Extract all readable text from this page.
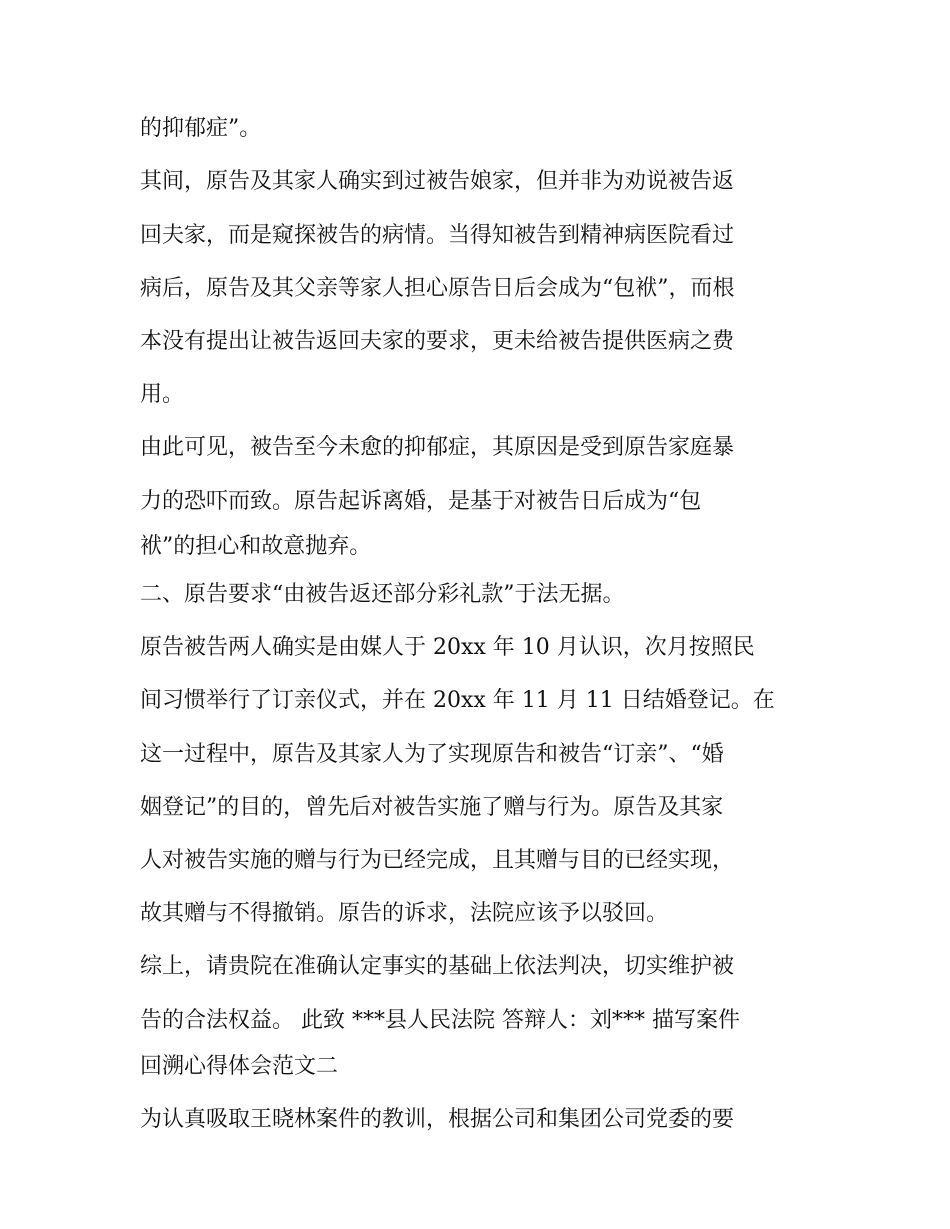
的抑郁症”。
其间，原告及其家人确实到过被告娘家，但并非为劝说被告返
回夫家，而是窥探被告的病情。当得知被告到精神病医院看过
病后，原告及其父亲等家人担心原告日后会成为“包袱”，而根
本没有提出让被告返回夫家的要求，更未给被告提供医病之费
用。
由此可见，被告至今未愈的抑郁症，其原因是受到原告家庭暴
力的恐吓而致。原告起诉离婚，是基于对被告日后成为“包
袱”的担心和故意抛弃。
二、原告要求“由被告返还部分彩礼款”于法无据。
原告被告两人确实是由媒人于 20xx 年 10 月认识，次月按照民
间习惯举行了订亲仪式，并在 20xx 年 11 月 11 日结婚登记。在
这一过程中，原告及其家人为了实现原告和被告“订亲”、“婚
姻登记”的目的，曾先后对被告实施了赠与行为。原告及其家
人对被告实施的赠与行为已经完成，且其赠与目的已经实现，
故其赠与不得撤销。原告的诉求，法院应该予以驳回。
综上，请贵院在准确认定事实的基础上依法判决，切实维护被
告的合法权益。 此致 ***县人民法院 答辩人：刘*** 描写案件
回溯心得体会范文二
为认真吸取王晓林案件的教训，根据公司和集团公司党委的要
